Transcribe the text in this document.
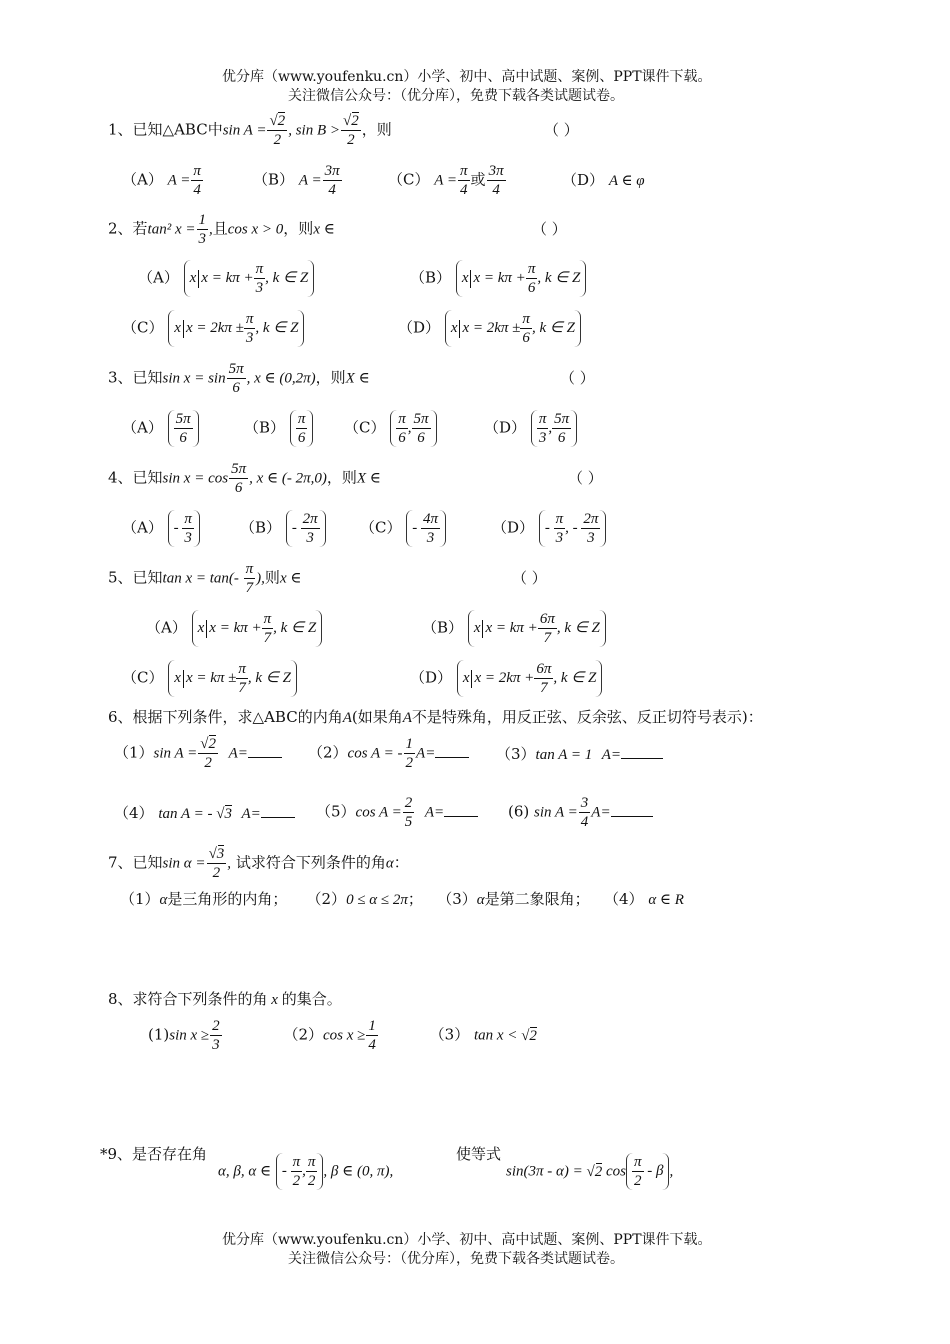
优分库（www.youfenku.cn）小学、初中、高中试题、案例、PPT课件下载。
关注微信公众号：（优分库），免费下载各类试题试卷。
1、已知△ABC中$\sin A = \frac{√2}{2}$ , $\sin B > \frac{√2}{2}$ ，则	（ ）
（A） $A = \frac{\pi}{4}$	（B） $A = \frac{3\pi}{4}$	（C） $A = \frac{\pi}{4}$ 或 $\frac{3\pi}{4}$	（D） A ∈ φ
2、若tan² $x = \frac{1}{3}$ ,且cos x > 0，则x ∈	（ ）
（A） x $x = k\pi + \frac{\pi}{3}$ , k ∈ Z	（B） x $x = k\pi + \frac{\pi}{6}$ , k ∈ Z
（C） x $x = 2k\pi \pm \frac{\pi}{3}$ , k ∈ Z	（D） x $x = 2k\pi \pm \frac{\pi}{6}$ , k ∈ Z
3、已知$\sin x = \sin \frac{5\pi}{6}$ , x ∈ (0,2π)，则X ∈	（ ）
$(A) \frac{5\pi}{6}$	$(B) \frac{\pi}{6} (C) \frac{\pi}{6}$ , $\frac{5\pi}{6}$	$(D) \frac{\pi}{3}$ , $\frac{5\pi}{6}$
4、已知$\sin x = \cos \frac{5\pi}{6}$ , x ∈ (- 2π,0)，则X ∈	（ ）
$(A) - \frac{\pi}{3}$	$(B) - \frac{2\pi}{3}$	$(C) - \frac{4\pi}{3}$	$(D) - \frac{\pi}{3}$ , - $\frac{2\pi}{3}$
5、已知$\tan x = \tan(- \frac{\pi}{7}$ ),则x ∈	（ ）
（A） x $x = k\pi + \frac{\pi}{7}$ , k ∈ Z	（B） x $x = k\pi + \frac{6\pi}{7}$ , k ∈ Z
（C） x $x = k\pi \pm \frac{\pi}{7}$ , k ∈ Z	（D） x $x = 2k\pi + \frac{6\pi}{7}$ , k ∈ Z
6、根据下列条件，求△ABC的内角A(如果角A不是特殊角，用反正弦、反余弦、反正切符号表示)：
（1）sin $A = \frac{√2}{2} A=$	（2）cos A = - $\frac{1}{2} A=$	（3）tan A = 1 A=
（4） tan A = - √3 A=	（5）cos $A = \frac{2}{5} A=$	(6) $\sin A = \frac{3}{4} A=$
7、已知$\sin \alpha = \frac{√3}{2}$ , 试求符合下列条件的角α：
（1）α是三角形的内角； （2）0 ≤ α ≤ 2π；   （3）α是第二象限角； （4） α ∈ R
8、求符合下列条件的角 x 的集合。
(1)sin $x \ge \frac{2}{3}$	（2）cos $x \ge \frac{1}{4}$	（3） tan x < √2
*9、是否存在角
α, β, α ∈ - $\frac{\pi}{2}$ , $\frac{\pi}{2}$ , β ∈ (0, π),
使等式
sin(3π - α) = √2 $\cos \frac{\pi}{2}$ - β ,
优分库（www.youfenku.cn）小学、初中、高中试题、案例、PPT课件下载。
关注微信公众号：（优分库），免费下载各类试题试卷。
